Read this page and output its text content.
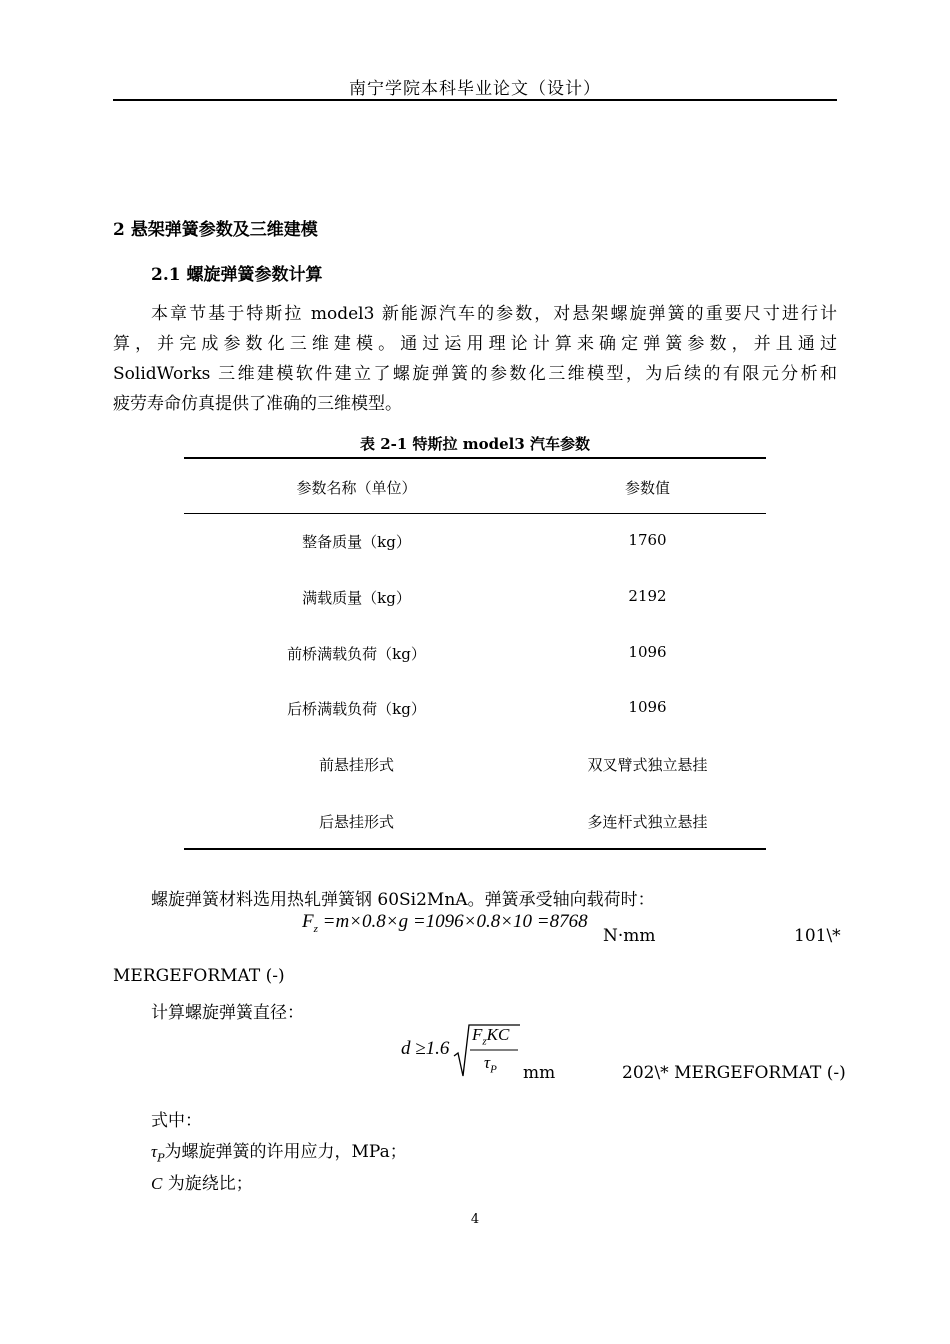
南宁学院本科毕业论文（设计）
2 悬架弹簧参数及三维建模
2.1 螺旋弹簧参数计算
本章节基于特斯拉 model3 新能源汽车的参数，对悬架螺旋弹簧的重要尺寸进行计
算，并完成参数化三维建模。通过运用理论计算来确定弹簧参数，并且通过
SolidWorks 三维建模软件建立了螺旋弹簧的参数化三维模型，为后续的有限元分析和
疲劳寿命仿真提供了准确的三维模型。
表 2-1 特斯拉 model3 汽车参数
参数名称（单位）	参数值
整备质量（kg）	1760
满载质量（kg）	2192
前桥满载负荷（kg）	1096
后桥满载负荷（kg）	1096
前悬挂形式	双叉臂式独立悬挂
后悬挂形式	多连杆式独立悬挂
螺旋弹簧材料选用热轧弹簧钢 60Si2MnA。弹簧承受轴向载荷时：
$F_z =m\times 0.8\times g =1096\times 0.8\times 10 =8768$
N·mm	101\*
MERGEFORMAT (-)
计算螺旋弹簧直径：
d ≥1.6
$F_zKC$
$\tau_P$ mm	202\* MERGEFORMAT (-)
式中：
$\tau_P$为螺旋弹簧的许用应力，MPa；
C 为旋绕比；
4
